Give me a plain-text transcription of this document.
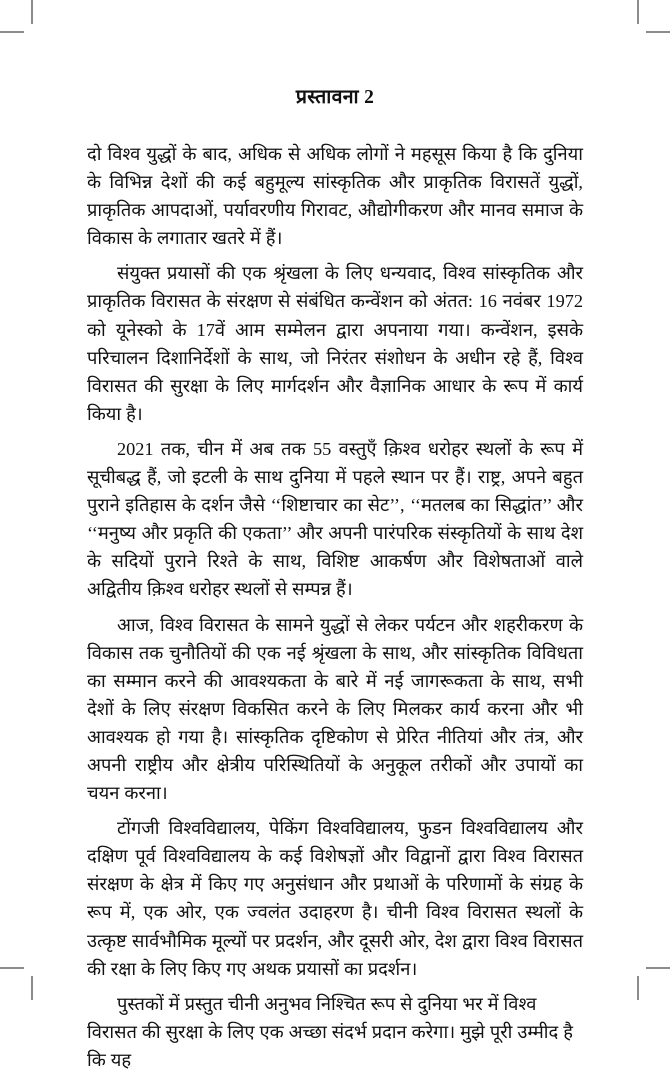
प्रस्तावना 2

दो विश्व युद्धों के बाद, अधिक से अधिक लोगों ने महसूस किया है कि दुनिया के विभिन्न देशों की कई बहुमूल्य सांस्कृतिक और प्राकृतिक विरासतें युद्धों, प्राकृतिक आपदाओं, पर्यावरणीय गिरावट, औद्योगीकरण और मानव समाज के विकास के लगातार खतरे में हैं।

संयुक्त प्रयासों की एक श्रृंखला के लिए धन्यवाद, विश्व सांस्कृतिक और प्राकृतिक विरासत के संरक्षण से संबंधित कन्वेंशन को अंतत: 16 नवंबर 1972 को यूनेस्को के 17वें आम सम्मेलन द्वारा अपनाया गया। कन्वेंशन, इसके परिचालन दिशानिर्देशों के साथ, जो निरंतर संशोधन के अधीन रहे हैं, विश्व विरासत की सुरक्षा के लिए मार्गदर्शन और वैज्ञानिक आधार के रूप में कार्य किया है।

2021 तक, चीन में अब तक 55 वस्तुएँ क़िश्व धरोहर स्थलों के रूप में सूचीबद्ध हैं, जो इटली के साथ दुनिया में पहले स्थान पर हैं। राष्ट्र, अपने बहुत पुराने इतिहास के दर्शन जैसे ‘‘शिष्टाचार का सेट’’, ‘‘मतलब का सिद्धांत’’ और ‘‘मनुष्य और प्रकृति की एकता’’ और अपनी पारंपरिक संस्कृतियों के साथ देश के सदियों पुराने रिश्ते के साथ, विशिष्ट आकर्षण और विशेषताओं वाले अद्वितीय क़िश्व धरोहर स्थलों से सम्पन्न हैं।

आज, विश्व विरासत के सामने युद्धों से लेकर पर्यटन और शहरीकरण के विकास तक चुनौतियों की एक नई श्रृंखला के साथ, और सांस्कृतिक विविधता का सम्मान करने की आवश्यकता के बारे में नई जागरूकता के साथ, सभी देशों के लिए संरक्षण विकसित करने के लिए मिलकर कार्य करना और भी आवश्यक हो गया है। सांस्कृतिक दृष्टिकोण से प्रेरित नीतियां और तंत्र, और अपनी राष्ट्रीय और क्षेत्रीय परिस्थितियों के अनुकूल तरीकों और उपायों का चयन करना।

टोंगजी विश्वविद्यालय, पेकिंग विश्वविद्यालय, फुडन विश्वविद्यालय और दक्षिण पूर्व विश्वविद्यालय के कई विशेषज्ञों और विद्वानों द्वारा विश्व विरासत संरक्षण के क्षेत्र में किए गए अनुसंधान और प्रथाओं के परिणामों के संग्रह के रूप में, एक ओर, एक ज्वलंत उदाहरण है। चीनी विश्व विरासत स्थलों के उत्कृष्ट सार्वभौमिक मूल्यों पर प्रदर्शन, और दूसरी ओर, देश द्वारा विश्व विरासत की रक्षा के लिए किए गए अथक प्रयासों का प्रदर्शन।

पुस्तकों में प्रस्तुत चीनी अनुभव निश्चित रूप से दुनिया भर में विश्व विरासत की सुरक्षा के लिए एक अच्छा संदर्भ प्रदान करेगा। मुझे पूरी उम्मीद है कि यह
